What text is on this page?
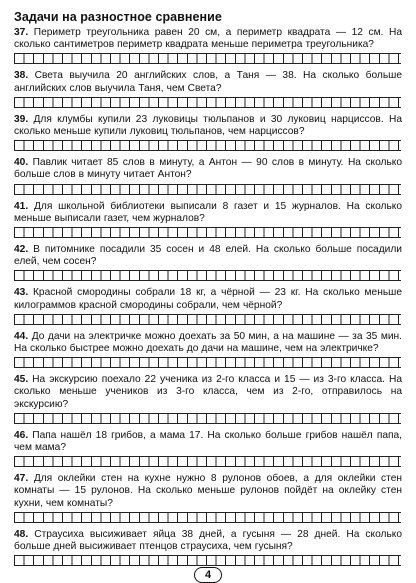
Задачи на разностное сравнение
37. Периметр треугольника равен 20 см, а периметр квадрата — 12 см. На сколько сантиметров периметр квадрата меньше периметра треугольника?
38. Света выучила 20 английских слов, а Таня — 38. На сколько больше английских слов выучила Таня, чем Света?
39. Для клумбы купили 23 луковицы тюльпанов и 30 луковиц нарциссов. На сколько меньше купили луковиц тюльпанов, чем нарциссов?
40. Павлик читает 85 слов в минуту, а Антон — 90 слов в минуту. На сколько больше слов в минуту читает Антон?
41. Для школьной библиотеки выписали 8 газет и 15 журналов. На сколько меньше выписали газет, чем журналов?
42. В питомнике посадили 35 сосен и 48 елей. На сколько больше посадили елей, чем сосен?
43. Красной смородины собрали 18 кг, а чёрной — 23 кг. На сколько меньше килограммов красной смородины собрали, чем чёрной?
44. До дачи на электричке можно доехать за 50 мин, а на машине — за 35 мин. На сколько быстрее можно доехать до дачи на машине, чем на электричке?
45. На экскурсию поехало 22 ученика из 2-го класса и 15 — из 3-го класса. На сколько меньше учеников из 3-го класса, чем из 2-го, отправилось на экскурсию?
46. Папа нашёл 18 грибов, а мама 17. На сколько больше грибов нашёл папа, чем мама?
47. Для оклейки стен на кухне нужно 8 рулонов обоев, а для оклейки стен комнаты — 15 рулонов. На сколько меньше рулонов пойдёт на оклейку стен кухни, чем комнаты?
48. Страусиха высиживает яйца 38 дней, а гусыня — 28 дней. На сколько больше дней высиживает птенцов страусиха, чем гусыня?
4
